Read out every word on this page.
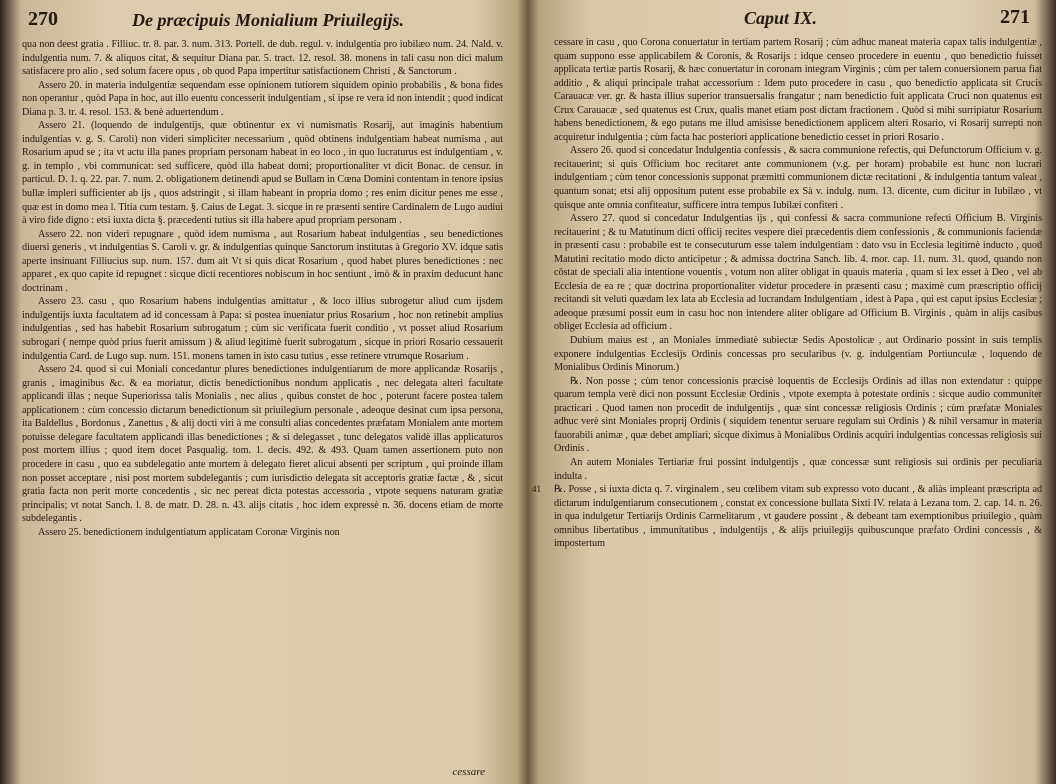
270	De præcipuis Monialium Priuilegijs.

qua non deest gratia . Filliuc. tr. 8. par. 3. num. 313. Portell. de dub. regul. v. indulgentia pro iubilæo num. 24. Nald. v. indulgentia num. 7. & aliquos citat, & sequitur Diana par. 5. tract. 12. resol. 38. monens in tali casu non dici malum satisfacere pro alio , sed solum facere opus , ob quod Papa impertitur satisfactionem Christi , & Sanctorum .

Assero 20. in materia indulgentiæ sequendam esse opinionem tutiorem siquidem opinio probabilis , & bona fides non operantur , quòd Papa in hoc, aut illo euentu concesserit indulgentiam , si ipse re vera id non intendit ; quod indicat Diana p. 3. tr. 4. resol. 153. & benè aduertendum .

Assero 21. (loquendo de indulgentijs, quæ obtinentur ex vi numismatis Rosarij, aut imaginis habentium indulgentias v. g. S. Caroli) non videri simpliciter necessarium , quòd obtinens indulgentiam habeat numisma , aut Rosarium apud se ; ita vt actu illa panes propriam personam habeat in eo loco , in quo lucraturus est indulgentiam , v. g. in templo , vbi communicat: sed sufficere, quòd illa habeat domi; proportionaliter vt dicit Bonac. de censur. in particul. D. 1. q. 22. par. 7. num. 2. obligationem detinendi apud se Bullam in Cœna Domini contentam in tenore ipsius bullæ impleri sufficienter ab ijs , quos adstringit , si illam habeant in propria domo ; res enim dicitur penes me esse , quæ est in domo mea l. Titia cum testam. §. Caius de Legat. 3. sicque in re præsenti sentire Cardinalem de Lugo audiui à viro fide digno : etsi iuxta dicta §. præcedenti tutius sit illa habere apud propriam personam .

Assero 22. non videri repugnare , quòd idem numisma , aut Rosarium habeat indulgentias , seu benedictiones diuersi generis , vt indulgentias S. Caroli v. gr. & indulgentias quinque Sanctorum institutas à Gregorio XV. idque satis aperte insinuant Filliucius sup. num. 157. dum ait Vt si quis dicat Rosarium , quod habet plures benedictiones : nec apparet , ex quo capite id repugnet : sicque dicti recentiores nobiscum in hoc sentiunt , imò & in praxim deducunt hanc doctrinam .

Assero 23. casu , quo Rosarium habens indulgentias amittatur , & loco illius subrogetur aliud cum ijsdem indulgentijs iuxta facultatem ad id concessam à Papa: si postea inueniatur prius Rosarium , hoc non retinebit amplius indulgentias , sed has habebit Rosarium subrogatum ; cùm sic verificata fuerit conditio , vt posset aliud Rosarium subrogari ( nempe quòd prius fuerit amissum ) & aliud legitimè fuerit subrogatum , sicque in priori Rosario cessauerit indulgentia Card. de Lugo sup. num. 151. monens tamen in isto casu tutius , esse retinere vtrumque Rosarium .

Assero 24. quod si cui Moniali concedantur plures benedictiones indulgentiarum de more applicandæ Rosarijs , granis , imaginibus &c. & ea moriatur, dictis benedictionibus nondum applicatis , nec delegata alteri facultate applicandi illas ; neque Superiorissa talis Monialis , nec alius , quibus constet de hoc , poterunt facere postea talem applicationem : cùm concessio dictarum benedictionum sit priuilegium personale , adeoque desinat cum ipsa persona, ita Baldellus , Bordonus , Zanettus , & alij docti viri à me consulti alias concedentes præfatam Monialem ante mortem potuisse delegare facultatem applicandi illas benedictiones ; & si delegasset , tunc delegatos validè illas applicaturos post mortem illius ; quod item docet Pasqualig. tom. 1. decis. 492. & 493. Quam tamen assertionem puto non procedere in casu , quo ea subdelegatio ante mortem à delegato fieret alicui absenti per scriptum , qui proinde illam non posset acceptare , nisi post mortem subdelegantis ; cum iurisdictio delegata sit acceptoris gratiæ factæ , & , sicut gratia facta non perit morte concedentis , sic nec pereat dicta potestas accessoria , vtpote sequens naturam gratiæ principalis; vt notat Sanch. l. 8. de matr. D. 28. n. 43. alijs citatis , hoc idem expressè n. 36. docens etiam de morte subdelegantis .

Assero 25. benedictionem indulgentiatum applicatam Coronæ Virginis non

cessare
Caput IX.	271

cessare in casu , quo Corona conuertatur in tertiam partem Rosarij ; cùm adhuc maneat materia capax talis indulgentiæ , quam suppono esse applicabilem & Coronis, & Rosarijs : idque censeo procedere in euentu , quo benedictio fuisset applicata tertiæ partis Rosarij, & hæc conuertatur in coronam integram Virginis ; cùm per talem conuersionem parua fiat additio , & aliqui principale trahat accessorium : Idem puto procedere in casu , quo benedictio applicata sit Crucis Carauacæ ver. gr. & hasta illius superior transuersalis frangatur ; nam benedictio fuit applicata Cruci non quatenus est Crux Carauacæ , sed quatenus est Crux, qualis manet etiam post dictam fractionem . Quòd si mihi surripiatur Rosarium habens benedictionem, & ego putans me illud amisisse benedictionem applicem alteri Rosario, vi Rosarij surrepti non acquiretur indulgentia ; cùm facta hac posteriori applicatione benedictio cesset in priori Rosario .

Assero 26. quod si concedatur Indulgentia confessis , & sacra communione refectis, qui Defunctorum Officium v. g. recitauerint; si quis Officium hoc recitaret ante communionem (v.g. per horam) probabile est hunc non lucrari indulgentiam ; cùm tenor concessionis supponat præmitti communionem dictæ recitationi , & indulgentia tantum valeat , quantum sonat; etsi alij oppositum putent esse probabile ex Sà v. indulg. num. 13. dicente, cum dicitur in Iubilæo , vt quisque ante omnia confiteatur, sufficere intra tempus Iubilæi confiteri .

Assero 27. quod si concedatur Indulgentias ijs , qui confessi & sacra communione refecti Officium B. Virginis recitauerint ; & tu Matutinum dicti officij recites vespere diei præcedentis diem confessionis , & communionis faciendæ in præsenti casu : probabile est te consecuturum esse talem indulgentiam : dato vsu in Ecclesia legitimè inducto , quod Matutini recitatio modo dicto anticipetur ; & admissa doctrina Sanch. lib. 4. mor. cap. 11. num. 31. quod, quando non cōstat de speciali alia intentione vouentis , votum non aliter obligat in quauis materia , quam si lex esset à Deo , vel ab Ecclesia de ea re ; quæ doctrina proportionaliter videtur procedere in præsenti casu ; maximè cum præscriptio officij recitandi sit veluti quædam lex lata ab Ecclesia ad lucrandam Indulgentiam , idest à Papa , qui est caput ipsius Ecclesiæ ; adeoque præsumi possit eum in casu hoc non intendere aliter obligare ad Officium B. Virginis , quàm in alijs casibus obliget Ecclesia ad officium .

Dubium maius est , an Moniales immediatè subiectæ Sedis Apostolicæ , aut Ordinario possint in suis templis exponere indulgentias Ecclesijs Ordinis concessas pro secularibus (v. g. indulgentiam Portiunculæ , loquendo de Monialibus Ordinis Minorum.)

℞. Non posse ; cùm tenor concessionis præcisè loquentis de Ecclesijs Ordinis ad illas non extendatur : quippe quarum templa verè dici non possunt Ecclesiæ Ordinis , vtpote exempta à potestate ordinis : sicque audio communiter practicari . Quod tamen non procedit de indulgentijs , quæ sint concessæ religiosis Ordinis ; cùm præfatæ Moniales adhuc verè sint Moniales proprij Ordinis ( siquidem tenentur seruare regulam sui Ordinis ) & nihil versamur in materia fauorabili animæ , quæ debet ampliari; sicque diximus à Monialibus Ordinis acquiri indulgentias concessas religiosis sui Ordinis .

An autem Moniales Tertiariæ frui possint indulgentijs , quæ concessæ sunt religiosis sui ordinis per peculiaria indulta .

41 ℞. Posse , si iuxta dicta q. 7. virginalem , seu cœlibem vitam sub expresso voto ducant , & aliàs impleant præscripta ad dictarum indulgentiarum consecutionem , constat ex concessione bullata Sixti IV. relata à Lezana tom. 2. cap. 14. n. 26. in qua indulgetur Tertiarijs Ordinis Carmelitarum , vt gaudere possint , & debeant tam exemptionibus priuilegio , quàm omnibus libertatibus , immunitatibus , indulgentijs , & alijs priuilegijs quibuscunque præfato Ordini concessis , & impostertum
